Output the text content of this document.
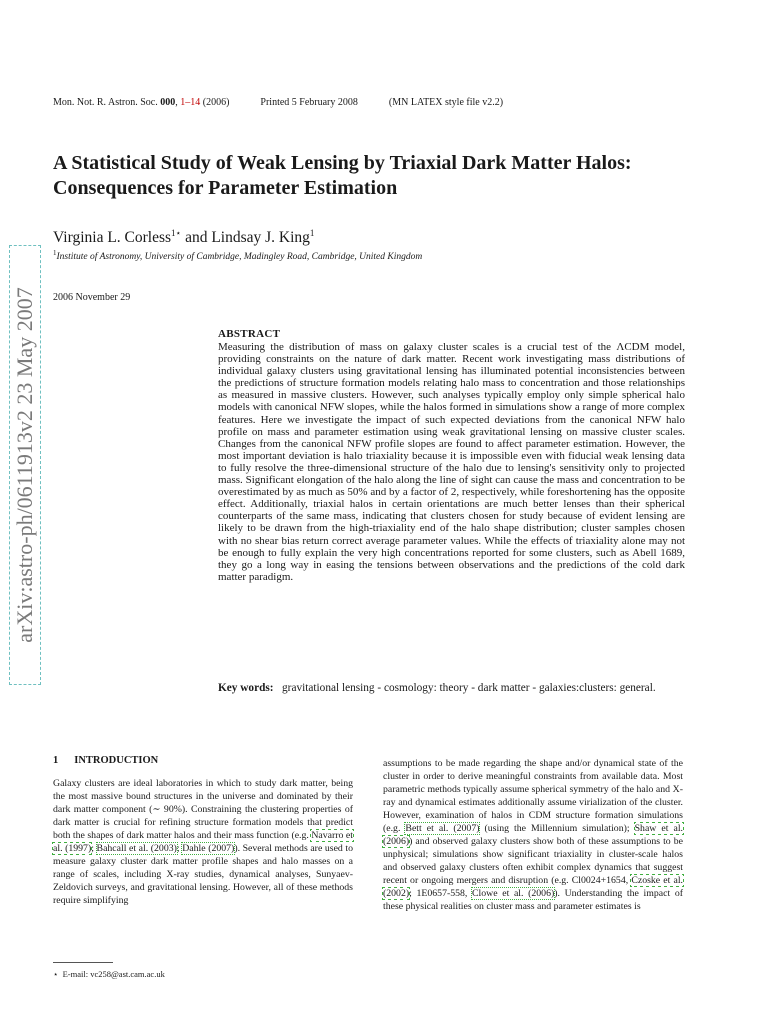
Mon. Not. R. Astron. Soc. 000, 1–14 (2006)	Printed 5 February 2008	(MN LATEX style file v2.2)
A Statistical Study of Weak Lensing by Triaxial Dark Matter Halos: Consequences for Parameter Estimation
Virginia L. Corless$^{1⋆}$ and Lindsay J. King$^1$
$^1$Institute of Astronomy, University of Cambridge, Madingley Road, Cambridge, United Kingdom
2006 November 29
arXiv:astro-ph/0611913v2 23 May 2007	ABSTRACT
Measuring the distribution of mass on galaxy cluster scales is a crucial test of the ΛCDM model, providing constraints on the nature of dark matter. Recent work investigating mass distributions of individual galaxy clusters using gravitational lensing has illuminated potential inconsistencies between the predictions of structure formation models relating halo mass to concentration and those relationships as measured in massive clusters. However, such analyses typically employ only simple spherical halo models with canonical NFW slopes, while the halos formed in simulations show a range of more complex features. Here we investigate the impact of such expected deviations from the canonical NFW halo profile on mass and parameter estimation using weak gravitational lensing on massive cluster scales. Changes from the canonical NFW profile slopes are found to affect parameter estimation. However, the most important deviation is halo triaxiality because it is impossible even with fiducial weak lensing data to fully resolve the three-dimensional structure of the halo due to lensing's sensitivity only to projected mass. Significant elongation of the halo along the line of sight can cause the mass and concentration to be overestimated by as much as 50% and by a factor of 2, respectively, while foreshortening has the opposite effect. Additionally, triaxial halos in certain orientations are much better lenses than their spherical counterparts of the same mass, indicating that clusters chosen for study because of evident lensing are likely to be drawn from the high-triaxiality end of the halo shape distribution; cluster samples chosen with no shear bias return correct average parameter values. While the effects of triaxiality alone may not be enough to fully explain the very high concentrations reported for some clusters, such as Abell 1689, they go a long way in easing the tensions between observations and the predictions of the cold dark matter paradigm.
Key words: gravitational lensing - cosmology: theory - dark matter - galaxies:clusters: general.
1 INTRODUCTION
Galaxy clusters are ideal laboratories in which to study dark matter, being the most massive bound structures in the universe and dominated by their dark matter component (∼ 90%). Constraining the clustering properties of dark matter is crucial for refining structure formation models that predict both the shapes of dark matter halos and their mass function (e.g. Navarro et al. (1997); Bahcall et al. (2003); Dahle (2007)). Several methods are used to measure galaxy cluster dark matter profile shapes and halo masses on a range of scales, including X-ray studies, dynamical analyses, Sunyaev-Zeldovich surveys, and gravitational lensing. However, all of these methods require simplifying
assumptions to be made regarding the shape and/or dynamical state of the cluster in order to derive meaningful constraints from available data. Most parametric methods typically assume spherical symmetry of the halo and X-ray and dynamical estimates additionally assume virialization of the cluster. However, examination of halos in CDM structure formation simulations (e.g. Bett et al. (2007) (using the Millennium simulation); Shaw et al. (2006)) and observed galaxy clusters show both of these assumptions to be unphysical; simulations show significant triaxiality in cluster-scale halos and observed galaxy clusters often exhibit complex dynamics that suggest recent or ongoing mergers and disruption (e.g. Cl0024+1654, Czoske et al. (2002); 1E0657-558, Clowe et al. (2006)). Understanding the impact of these physical realities on cluster mass and parameter estimates is
⋆ E-mail: vc258@ast.cam.ac.uk
